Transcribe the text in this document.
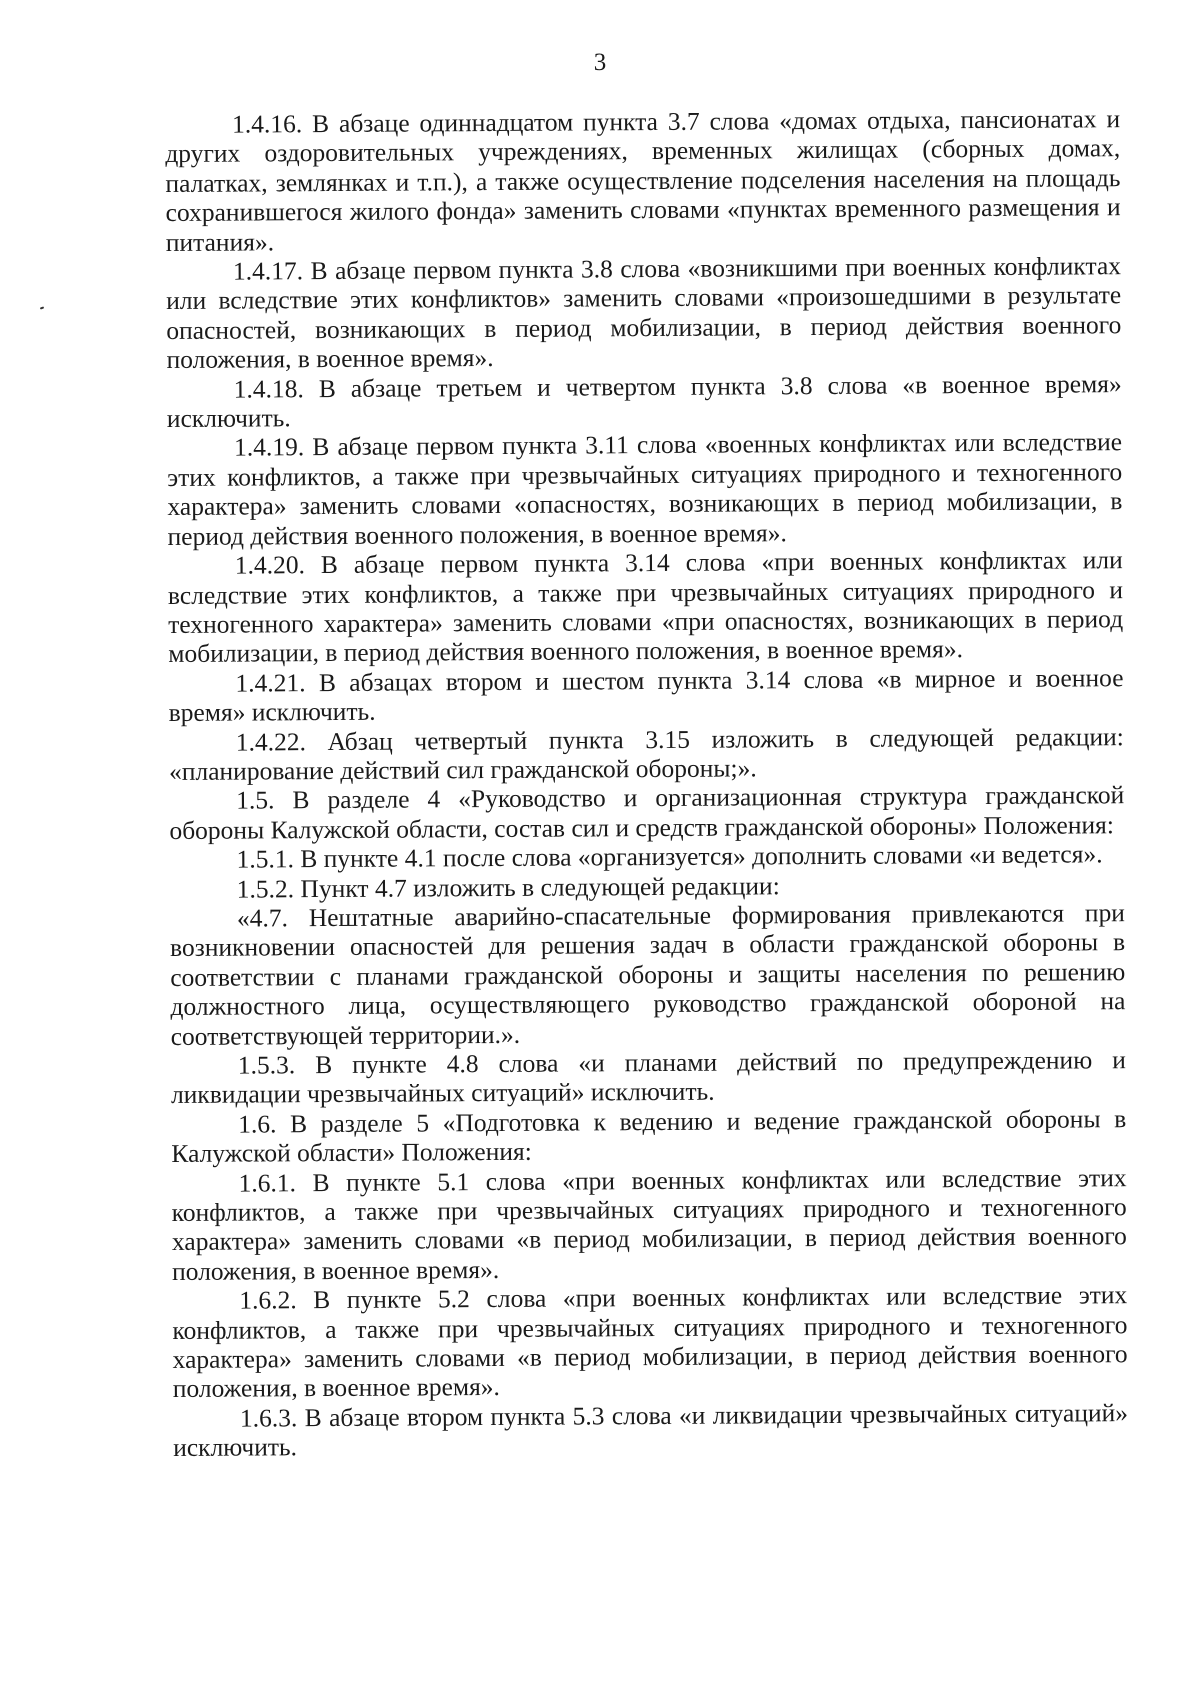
3

1.4.16. В абзаце одиннадцатом пункта 3.7 слова «домах отдыха, пансионатах и других оздоровительных учреждениях, временных жилищах (сборных домах, палатках, землянках и т.п.), а также осуществление подселения населения на площадь сохранившегося жилого фонда» заменить словами «пунктах временного размещения и питания».

1.4.17. В абзаце первом пункта 3.8 слова «возникшими при военных конфликтах или вследствие этих конфликтов» заменить словами «произошедшими в результате опасностей, возникающих в период мобилизации, в период действия военного положения, в военное время».

1.4.18. В абзаце третьем и четвертом пункта 3.8 слова «в военное время» исключить.

1.4.19. В абзаце первом пункта 3.11 слова «военных конфликтах или вследствие этих конфликтов, а также при чрезвычайных ситуациях природного и техногенного характера» заменить словами «опасностях, возникающих в период мобилизации, в период действия военного положения, в военное время».

1.4.20. В абзаце первом пункта 3.14 слова «при военных конфликтах или вследствие этих конфликтов, а также при чрезвычайных ситуациях природного и техногенного характера» заменить словами «при опасностях, возникающих в период мобилизации, в период действия военного положения, в военное время».

1.4.21. В абзацах втором и шестом пункта 3.14 слова «в мирное и военное время» исключить.

1.4.22. Абзац четвертый пункта 3.15 изложить в следующей редакции: «планирование действий сил гражданской обороны;».

1.5. В разделе 4 «Руководство и организационная структура гражданской обороны Калужской области, состав сил и средств гражданской обороны» Положения:

1.5.1. В пункте 4.1 после слова «организуется» дополнить словами «и ведется».

1.5.2. Пункт 4.7 изложить в следующей редакции:

«4.7. Нештатные аварийно-спасательные формирования привлекаются при возникновении опасностей для решения задач в области гражданской обороны в соответствии с планами гражданской обороны и защиты населения по решению должностного лица, осуществляющего руководство гражданской обороной на соответствующей территории.».

1.5.3. В пункте 4.8 слова «и планами действий по предупреждению и ликвидации чрезвычайных ситуаций» исключить.

1.6. В разделе 5 «Подготовка к ведению и ведение гражданской обороны в Калужской области» Положения:

1.6.1. В пункте 5.1 слова «при военных конфликтах или вследствие этих конфликтов, а также при чрезвычайных ситуациях природного и техногенного характера» заменить словами «в период мобилизации, в период действия военного положения, в военное время».

1.6.2. В пункте 5.2 слова «при военных конфликтах или вследствие этих конфликтов, а также при чрезвычайных ситуациях природного и техногенного характера» заменить словами «в период мобилизации, в период действия военного положения, в военное время».

1.6.3. В абзаце втором пункта 5.3 слова «и ликвидации чрезвычайных ситуаций» исключить.
